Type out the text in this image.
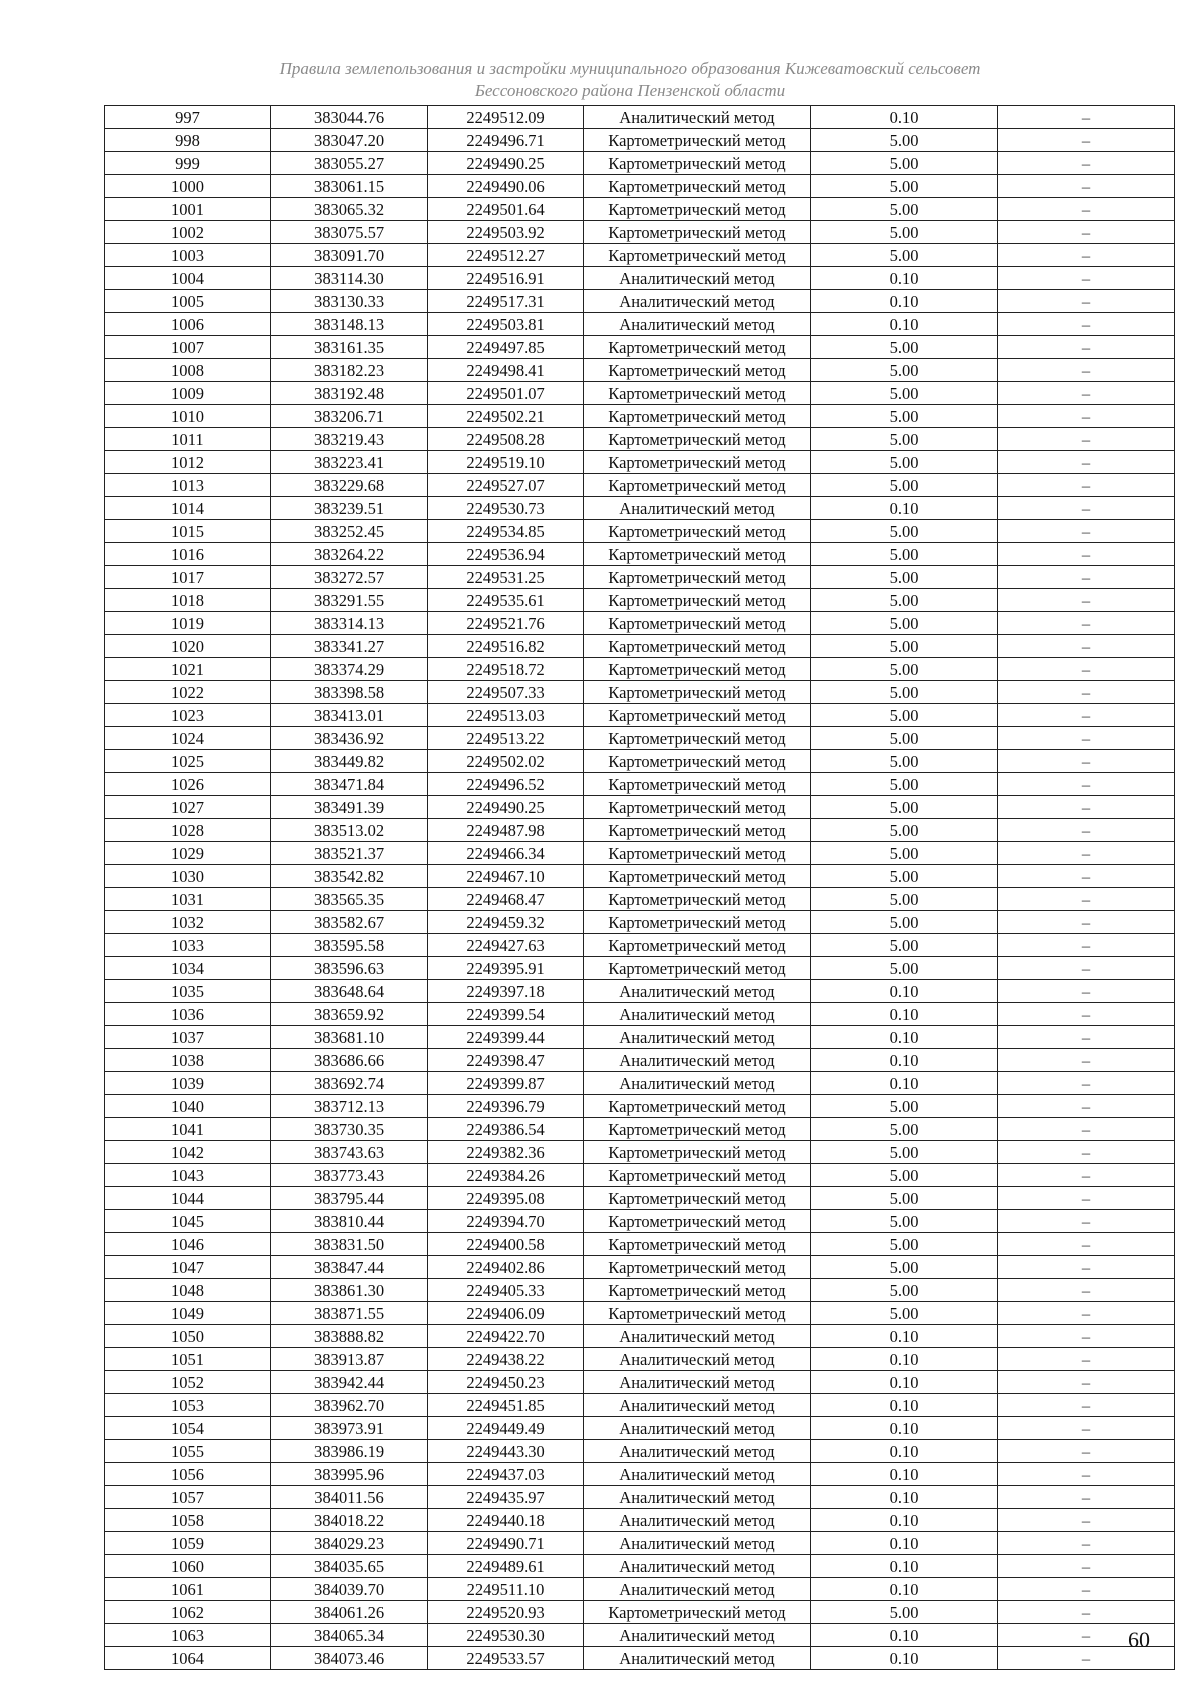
Правила землепользования и застройки муниципального образования Кижеватовский сельсовет
Бессоновского района Пензенской области
997	383044.76	2249512.09	Аналитический метод	0.10	–
998	383047.20	2249496.71	Картометрический метод	5.00	–
999	383055.27	2249490.25	Картометрический метод	5.00	–
1000	383061.15	2249490.06	Картометрический метод	5.00	–
1001	383065.32	2249501.64	Картометрический метод	5.00	–
1002	383075.57	2249503.92	Картометрический метод	5.00	–
1003	383091.70	2249512.27	Картометрический метод	5.00	–
1004	383114.30	2249516.91	Аналитический метод	0.10	–
1005	383130.33	2249517.31	Аналитический метод	0.10	–
1006	383148.13	2249503.81	Аналитический метод	0.10	–
1007	383161.35	2249497.85	Картометрический метод	5.00	–
1008	383182.23	2249498.41	Картометрический метод	5.00	–
1009	383192.48	2249501.07	Картометрический метод	5.00	–
1010	383206.71	2249502.21	Картометрический метод	5.00	–
1011	383219.43	2249508.28	Картометрический метод	5.00	–
1012	383223.41	2249519.10	Картометрический метод	5.00	–
1013	383229.68	2249527.07	Картометрический метод	5.00	–
1014	383239.51	2249530.73	Аналитический метод	0.10	–
1015	383252.45	2249534.85	Картометрический метод	5.00	–
1016	383264.22	2249536.94	Картометрический метод	5.00	–
1017	383272.57	2249531.25	Картометрический метод	5.00	–
1018	383291.55	2249535.61	Картометрический метод	5.00	–
1019	383314.13	2249521.76	Картометрический метод	5.00	–
1020	383341.27	2249516.82	Картометрический метод	5.00	–
1021	383374.29	2249518.72	Картометрический метод	5.00	–
1022	383398.58	2249507.33	Картометрический метод	5.00	–
1023	383413.01	2249513.03	Картометрический метод	5.00	–
1024	383436.92	2249513.22	Картометрический метод	5.00	–
1025	383449.82	2249502.02	Картометрический метод	5.00	–
1026	383471.84	2249496.52	Картометрический метод	5.00	–
1027	383491.39	2249490.25	Картометрический метод	5.00	–
1028	383513.02	2249487.98	Картометрический метод	5.00	–
1029	383521.37	2249466.34	Картометрический метод	5.00	–
1030	383542.82	2249467.10	Картометрический метод	5.00	–
1031	383565.35	2249468.47	Картометрический метод	5.00	–
1032	383582.67	2249459.32	Картометрический метод	5.00	–
1033	383595.58	2249427.63	Картометрический метод	5.00	–
1034	383596.63	2249395.91	Картометрический метод	5.00	–
1035	383648.64	2249397.18	Аналитический метод	0.10	–
1036	383659.92	2249399.54	Аналитический метод	0.10	–
1037	383681.10	2249399.44	Аналитический метод	0.10	–
1038	383686.66	2249398.47	Аналитический метод	0.10	–
1039	383692.74	2249399.87	Аналитический метод	0.10	–
1040	383712.13	2249396.79	Картометрический метод	5.00	–
1041	383730.35	2249386.54	Картометрический метод	5.00	–
1042	383743.63	2249382.36	Картометрический метод	5.00	–
1043	383773.43	2249384.26	Картометрический метод	5.00	–
1044	383795.44	2249395.08	Картометрический метод	5.00	–
1045	383810.44	2249394.70	Картометрический метод	5.00	–
1046	383831.50	2249400.58	Картометрический метод	5.00	–
1047	383847.44	2249402.86	Картометрический метод	5.00	–
1048	383861.30	2249405.33	Картометрический метод	5.00	–
1049	383871.55	2249406.09	Картометрический метод	5.00	–
1050	383888.82	2249422.70	Аналитический метод	0.10	–
1051	383913.87	2249438.22	Аналитический метод	0.10	–
1052	383942.44	2249450.23	Аналитический метод	0.10	–
1053	383962.70	2249451.85	Аналитический метод	0.10	–
1054	383973.91	2249449.49	Аналитический метод	0.10	–
1055	383986.19	2249443.30	Аналитический метод	0.10	–
1056	383995.96	2249437.03	Аналитический метод	0.10	–
1057	384011.56	2249435.97	Аналитический метод	0.10	–
1058	384018.22	2249440.18	Аналитический метод	0.10	–
1059	384029.23	2249490.71	Аналитический метод	0.10	–
1060	384035.65	2249489.61	Аналитический метод	0.10	–
1061	384039.70	2249511.10	Аналитический метод	0.10	–
1062	384061.26	2249520.93	Картометрический метод	5.00	–
1063	384065.34	2249530.30	Аналитический метод	0.10	–
1064	384073.46	2249533.57	Аналитический метод	0.10	–
60
